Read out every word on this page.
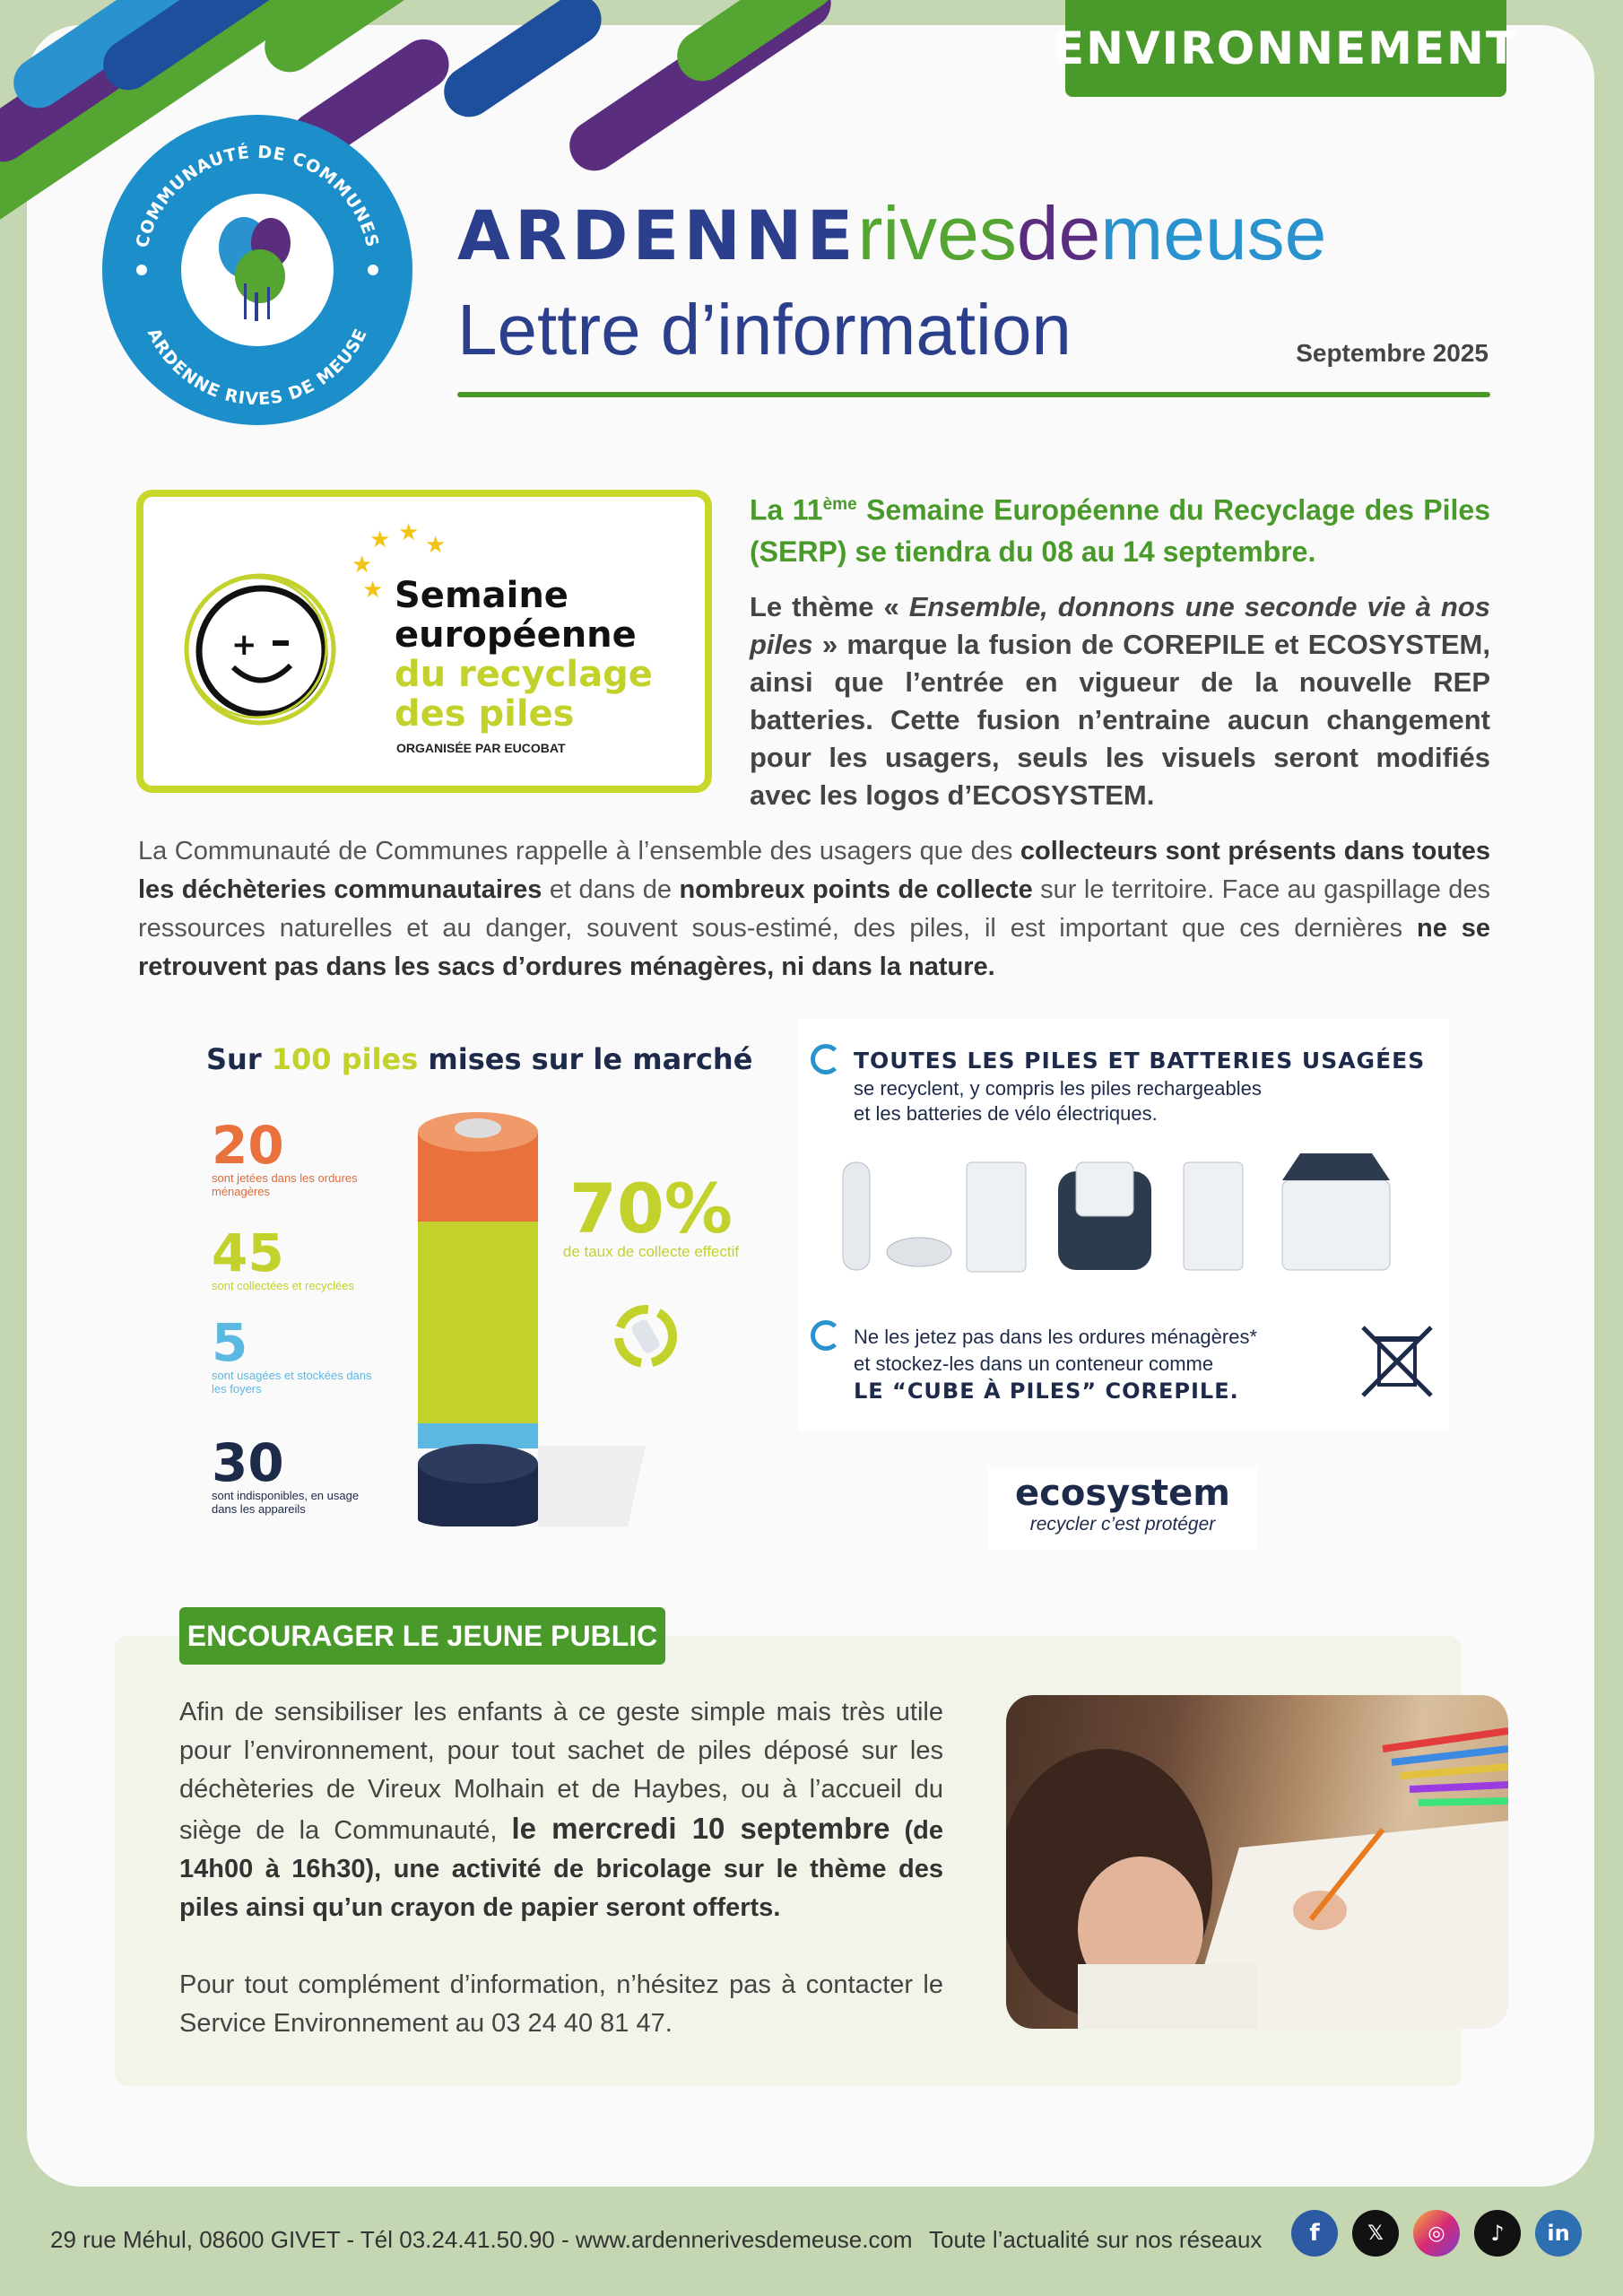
ENVIRONNEMENT
COMMUNAUTÉ DE COMMUNES
ARDENNE RIVES DE MEUSE
ARDENNErivesdemeuse
Lettre d’information	Septembre 2025
+
★ ★ ★
★
★ Semaine
européenne
du recyclage
des piles
ORGANISÉE PAR EUCOBAT
La 11ème Semaine Européenne du Recyclage des Piles (SERP) se tiendra du 08 au 14 septembre.

Le thème « Ensemble, donnons une seconde vie à nos piles » marque la fusion de COREPILE et ECOSYSTEM, ainsi que l’entrée en vigueur de la nouvelle REP batteries. Cette fusion n’entraine aucun changement pour les usagers, seuls les visuels seront modifiés avec les logos d’ECOSYSTEM.

La Communauté de Communes rappelle à l’ensemble des usagers que des collecteurs sont présents dans toutes les déchèteries communautaires et dans de nombreux points de collecte sur le territoire. Face au gaspillage des ressources naturelles et au danger, souvent sous-estimé, des piles, il est important que ces dernières ne se retrouvent pas dans les sacs d’ordures ménagères, ni dans la nature.
Sur 100 piles mises sur le marché
20
sont jetées dans les ordures ménagères
45
sont collectées et recyclées
5
sont usagées et stockées dans les foyers
30
sont indisponibles, en usage dans les appareils
70%
de taux de collecte effectif
TOUTES LES PILES ET BATTERIES USAGÉES
se recyclent, y compris les piles rechargeables
et les batteries de vélo électriques.
Ne les jetez pas dans les ordures ménagères*
et stockez-les dans un conteneur comme
LE “CUBE À PILES” COREPILE.
ecosystem
recycler c’est protéger
ENCOURAGER LE JEUNE PUBLIC

Afin de sensibiliser les enfants à ce geste simple mais très utile pour l’environnement, pour tout sachet de piles déposé sur les déchèteries de Vireux Molhain et de Haybes, ou à l’accueil du siège de la Communauté, le mercredi 10 septembre (de 14h00 à 16h30), une activité de bricolage sur le thème des piles ainsi qu’un crayon de papier seront offerts.

Pour tout complément d’information, n’hésitez pas à contacter le Service Environnement au 03 24 40 81 47.

29 rue Méhul, 08600 GIVET - Tél 03.24.41.50.90 - www.ardennerivesdemeuse.com Toute l’actualité sur nos réseaux	f	𝕏	◎	♪	in
